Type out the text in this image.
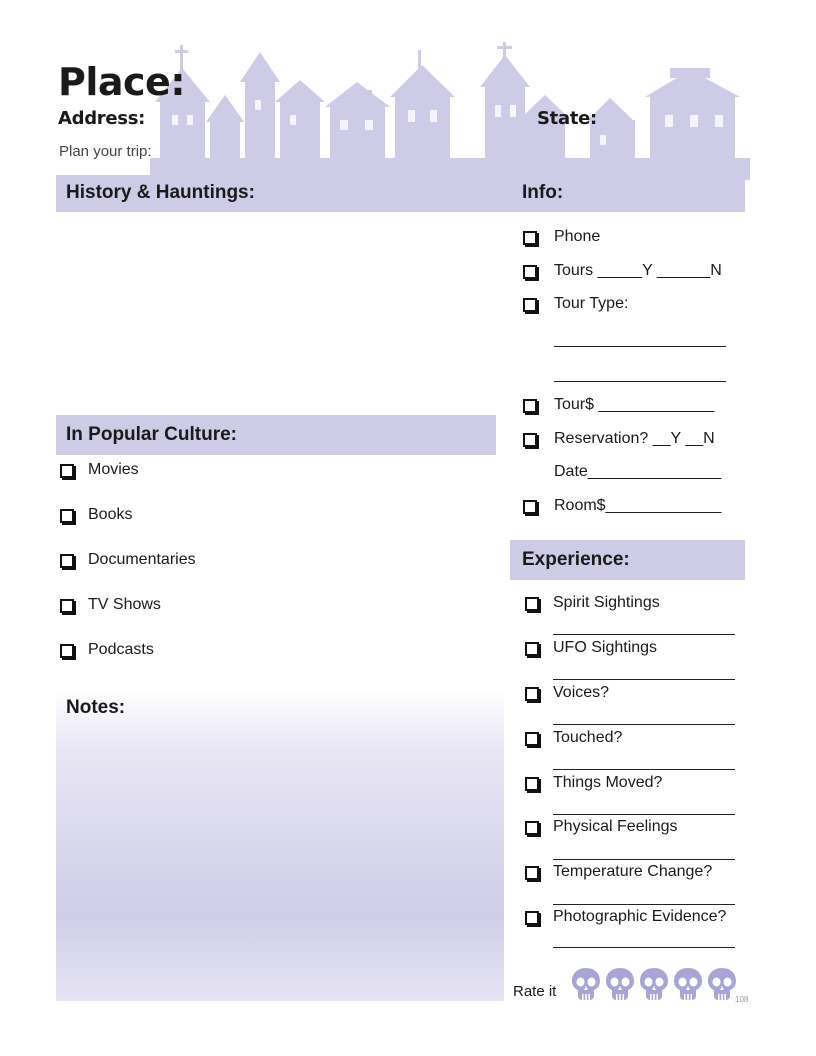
Place:
Address:	State:
Plan your trip:
History & Hauntings:	Info:
Phone
Tours _____Y ______N
Tour Type:
Tour$ _____________
Reservation? __Y __N
Date_______________
Room$_____________
In Popular Culture:
Movies
Books
Documentaries
TV Shows
Podcasts
Experience:
Spirit Sightings
UFO Sightings
Voices?
Touched?
Things Moved?
Physical Feelings
Temperature Change?
Photographic Evidence?
Notes:
Rate it	108
